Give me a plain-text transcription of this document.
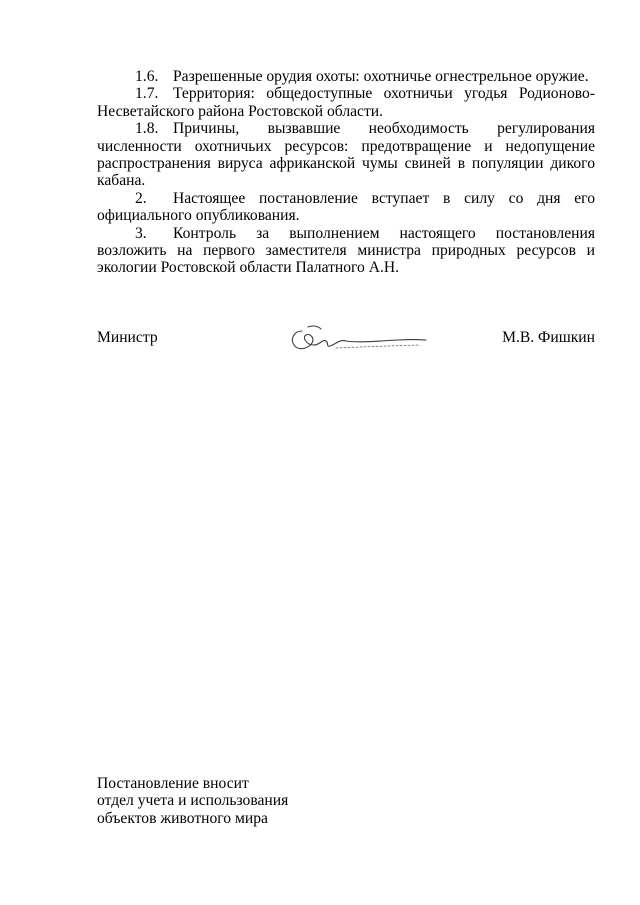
1.6. Разрешенные орудия охоты: охотничье огнестрельное оружие.

1.7. Территория: общедоступные охотничьи угодья Родионово-Несветайского района Ростовской области.

1.8. Причины, вызвавшие необходимость регулирования численности охотничьих ресурсов: предотвращение и недопущение распространения вируса африканской чумы свиней в популяции дикого кабана.

2. Настоящее постановление вступает в силу со дня его официального опубликования.

3. Контроль за выполнением настоящего постановления возложить на первого заместителя министра природных ресурсов и экологии Ростовской области Палатного А.Н.

Министр	М.В. Фишкин
Постановление вносит
отдел учета и использования
объектов животного мира
